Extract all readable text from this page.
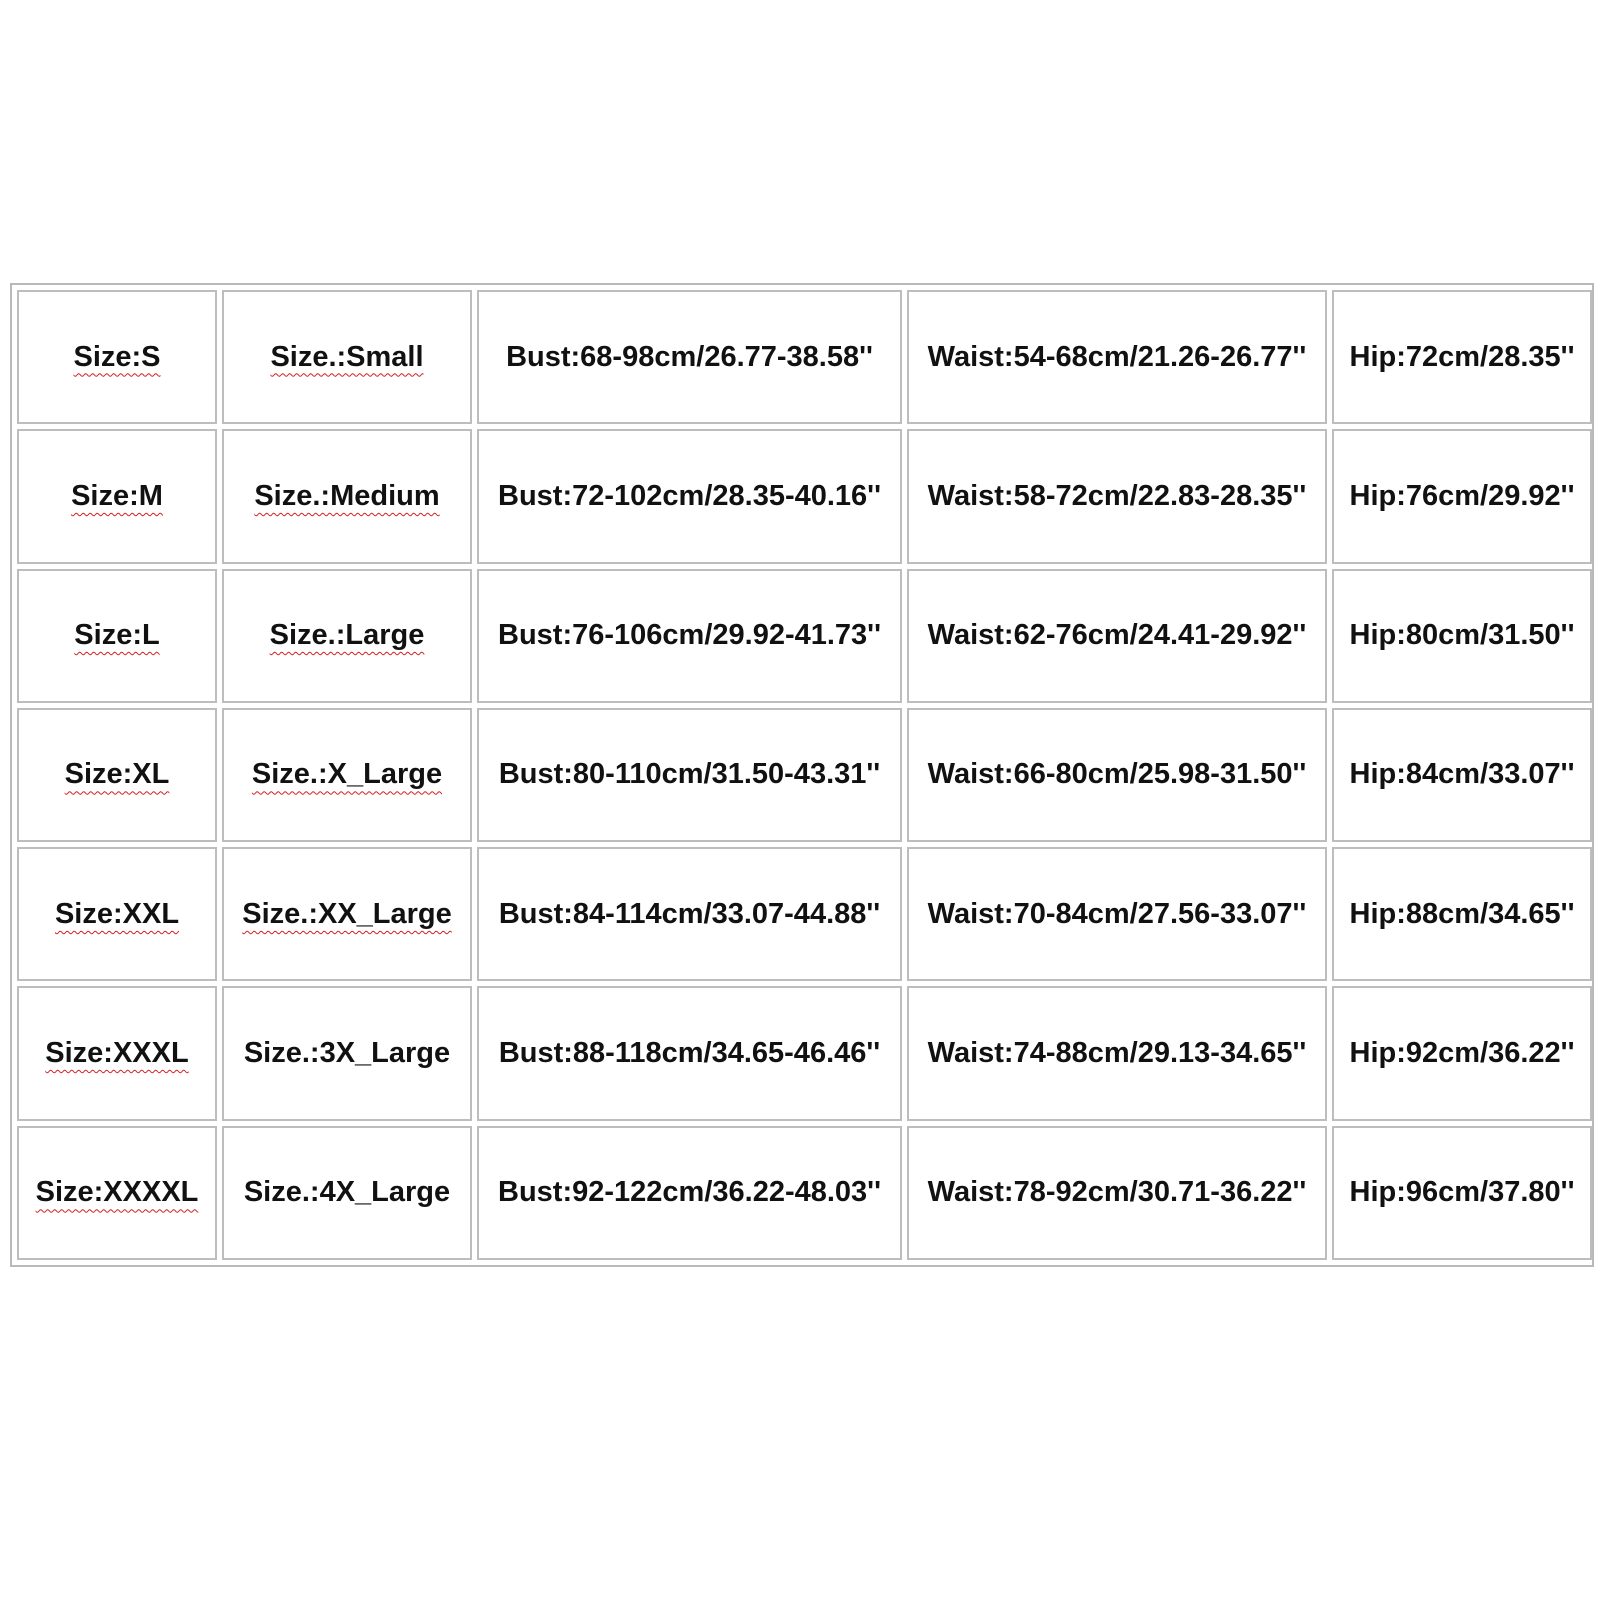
Size:S	Size.:Small	Bust:68-98cm/26.77-38.58''	Waist:54-68cm/21.26-26.77''	Hip:72cm/28.35''
Size:M	Size.:Medium	Bust:72-102cm/28.35-40.16''	Waist:58-72cm/22.83-28.35''	Hip:76cm/29.92''
Size:L	Size.:Large	Bust:76-106cm/29.92-41.73''	Waist:62-76cm/24.41-29.92''	Hip:80cm/31.50''
Size:XL	Size.:X_Large	Bust:80-110cm/31.50-43.31''	Waist:66-80cm/25.98-31.50''	Hip:84cm/33.07''
Size:XXL	Size.:XX_Large	Bust:84-114cm/33.07-44.88''	Waist:70-84cm/27.56-33.07''	Hip:88cm/34.65''
Size:XXXL	Size.:3X_Large	Bust:88-118cm/34.65-46.46''	Waist:74-88cm/29.13-34.65''	Hip:92cm/36.22''
Size:XXXXL	Size.:4X_Large	Bust:92-122cm/36.22-48.03''	Waist:78-92cm/30.71-36.22''	Hip:96cm/37.80''
